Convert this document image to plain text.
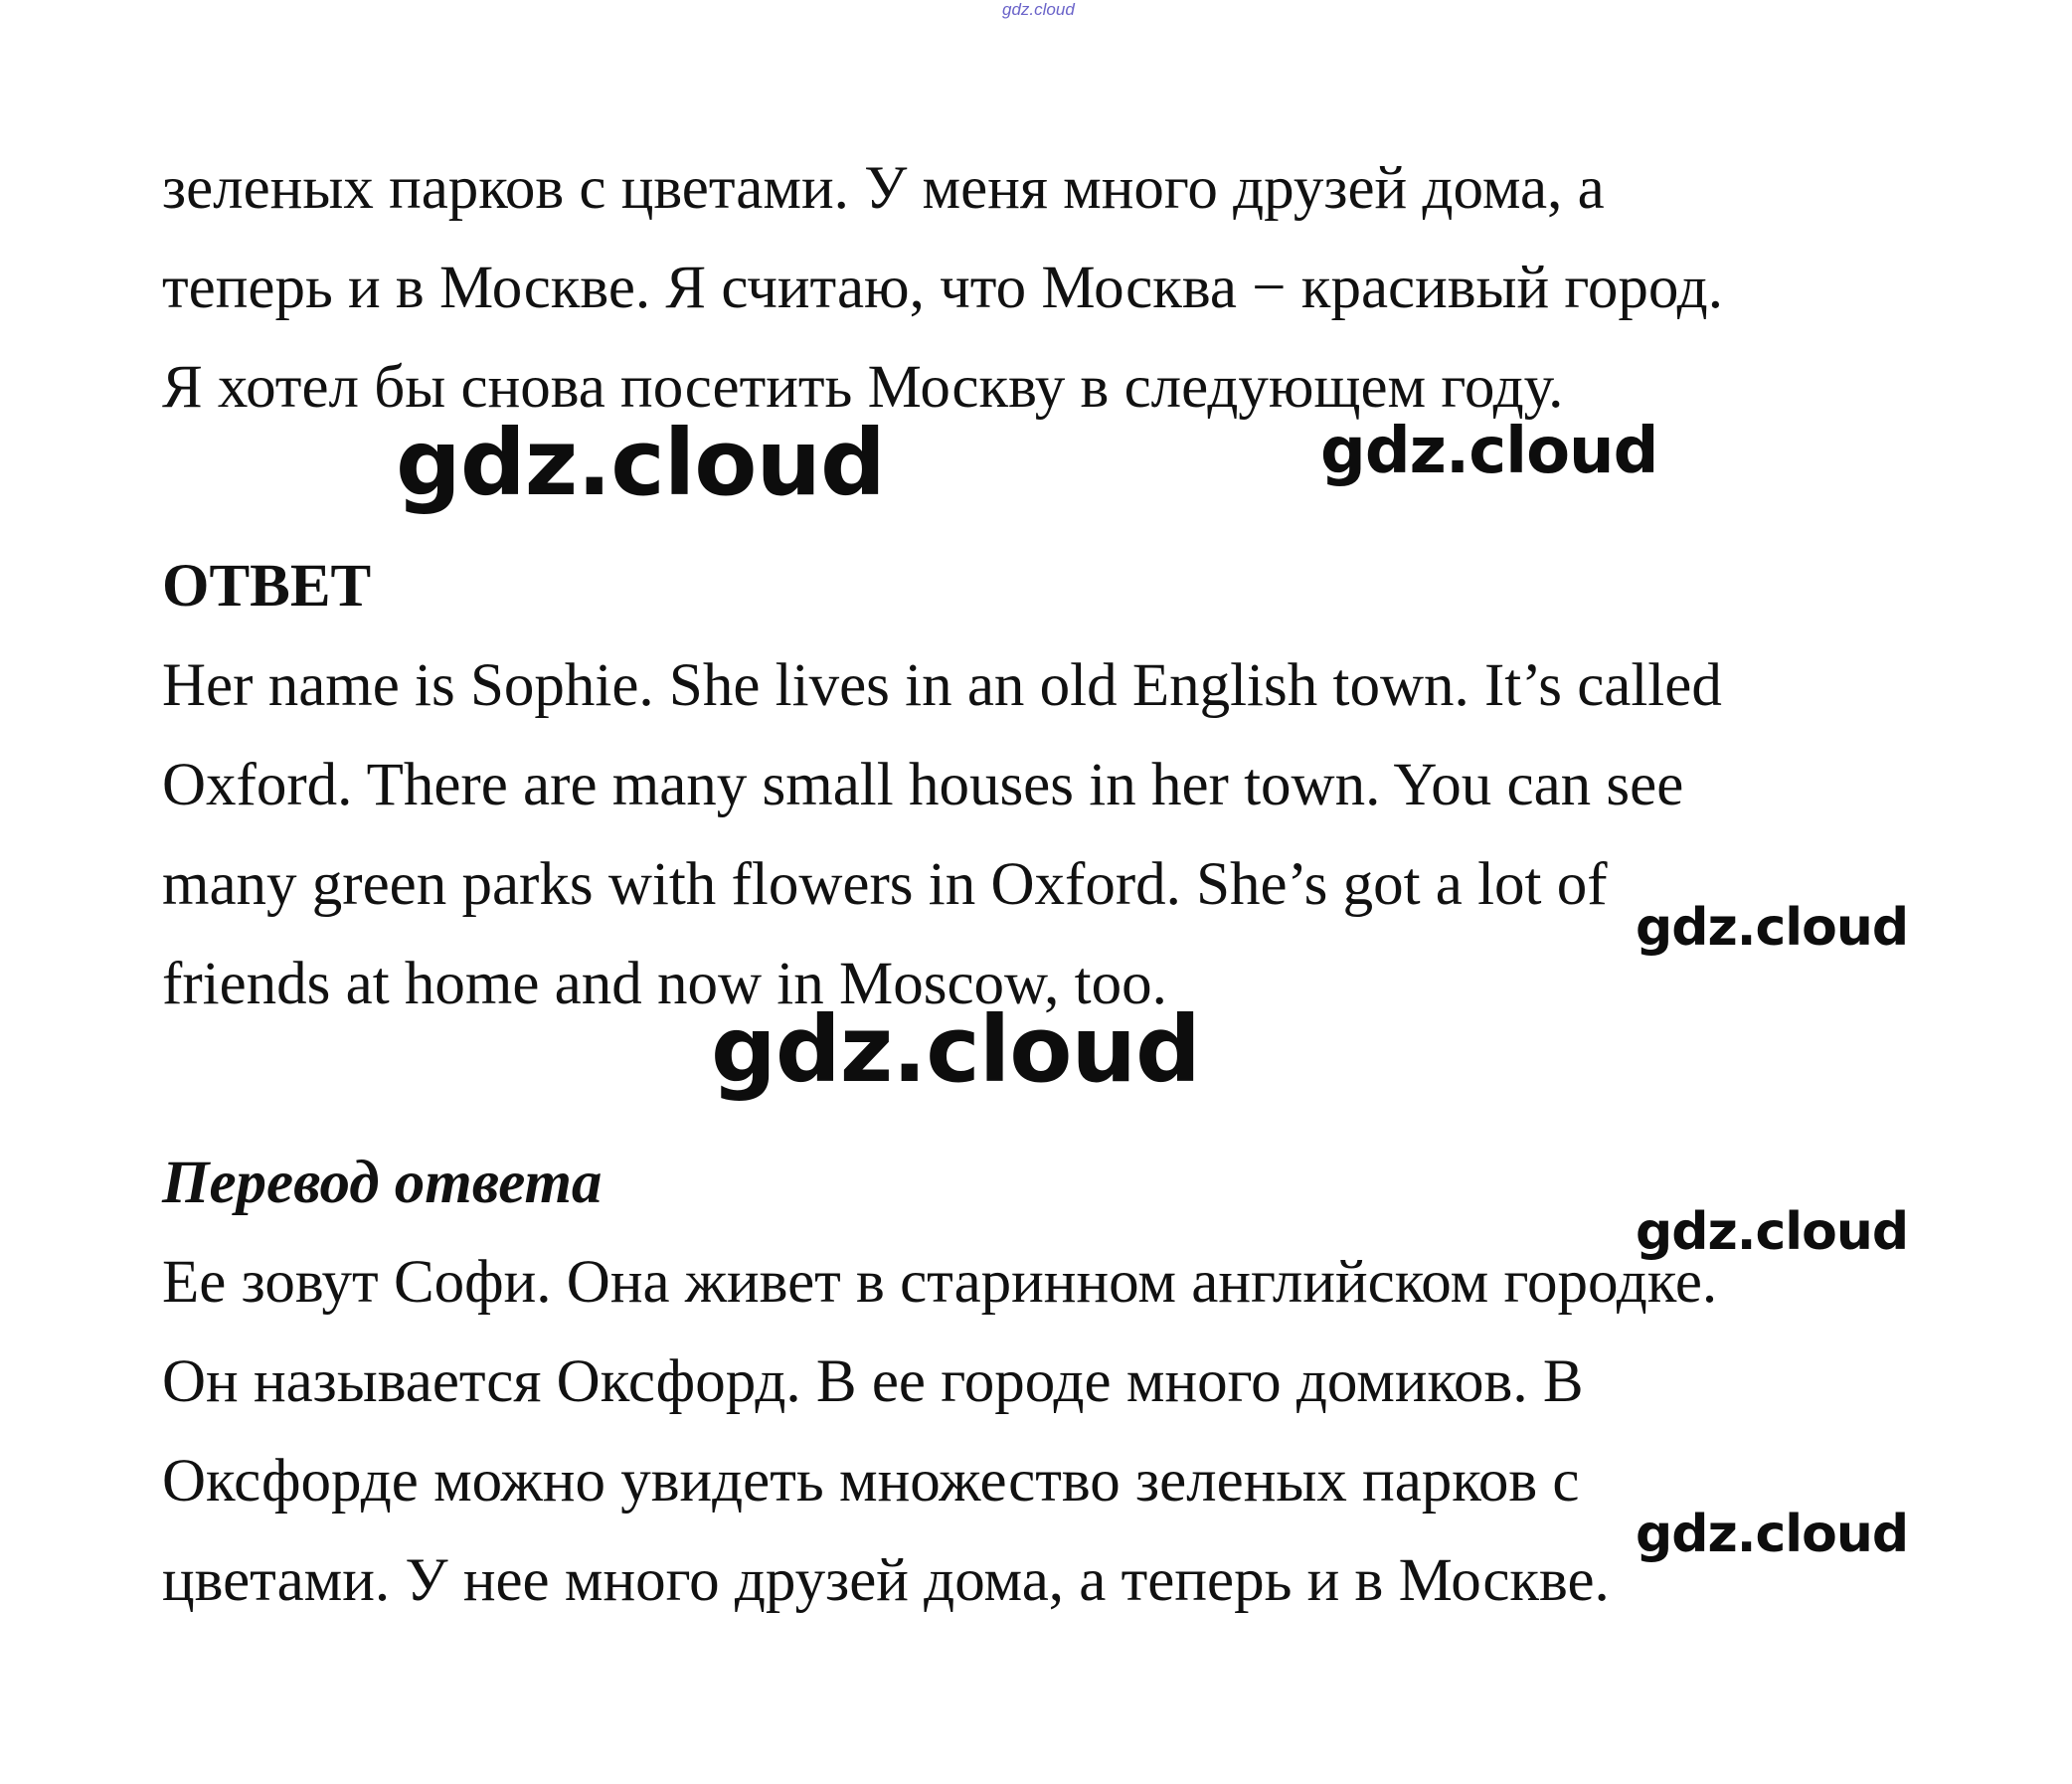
gdz.cloud
зеленых парков с цветами. У меня много друзей дома, а
теперь и в Москве. Я считаю, что Москва − красивый город.
Я хотел бы снова посетить Москву в следующем году.
ОТВЕТ
Her name is Sophie. She lives in an old English town. It’s called
Oxford. There are many small houses in her town. You can see
many green parks with flowers in Oxford. She’s got a lot of
friends at home and now in Moscow, too.
Перевод ответа
Ее зовут Софи. Она живет в старинном английском городке.
Он называется Оксфорд. В ее городе много домиков. В
Оксфорде можно увидеть множество зеленых парков с
цветами. У нее много друзей дома, а теперь и в Москве.
gdz.cloud	gdz.cloud
gdz.cloud
gdz.cloud
gdz.cloud
gdz.cloud
